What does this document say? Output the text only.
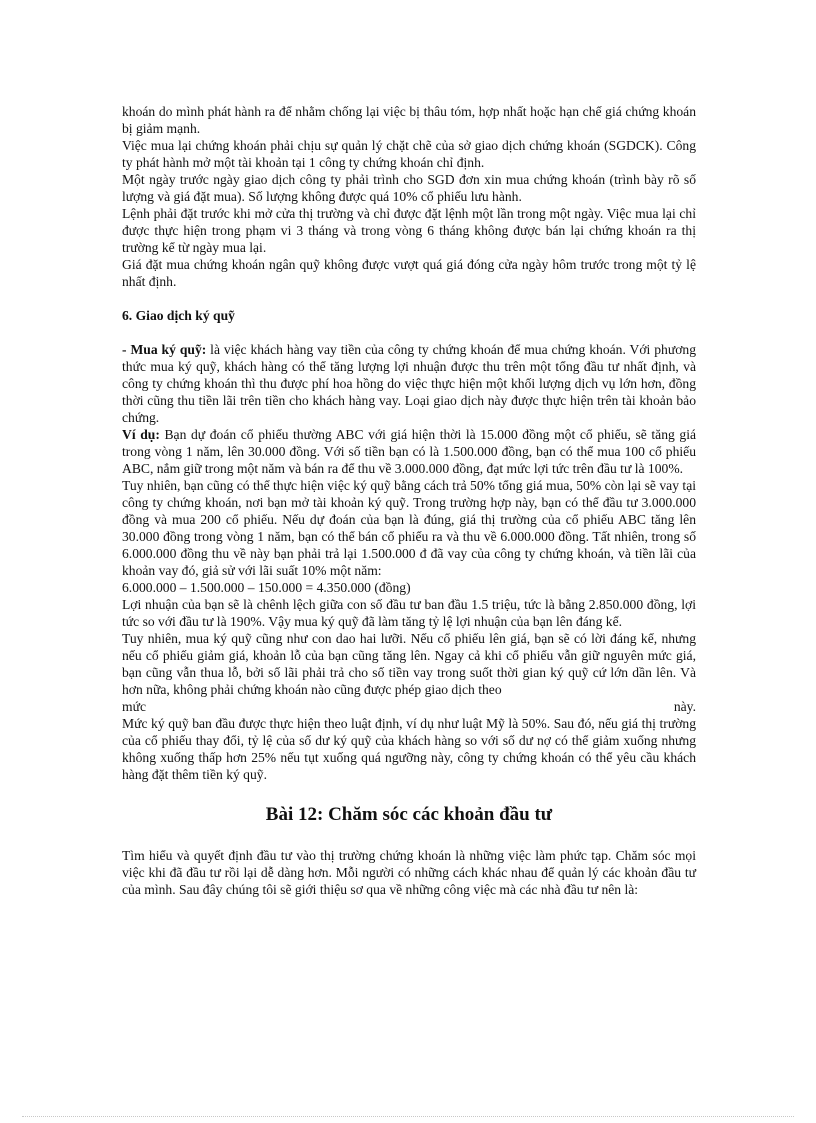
khoán do mình phát hành ra để nhằm chống lại việc bị thâu tóm, hợp nhất hoặc hạn chế giá chứng khoán bị giảm mạnh.

Việc mua lại chứng khoán phải chịu sự quản lý chặt chẽ của sở giao dịch chứng khoán (SGDCK). Công ty phát hành mở một tài khoản tại 1 công ty chứng khoán chỉ định.

Một ngày trước ngày giao dịch công ty phải trình cho SGD đơn xin mua chứng khoán (trình bày rõ số lượng và giá đặt mua). Số lượng không được quá 10% cổ phiếu lưu hành.

Lệnh phải đặt trước khi mở cửa thị trường và chỉ được đặt lệnh một lần trong một ngày. Việc mua lại chỉ được thực hiện trong phạm vi 3 tháng và trong vòng 6 tháng không được bán lại chứng khoán ra thị trường kể từ ngày mua lại.

Giá đặt mua chứng khoán ngân quỹ không được vượt quá giá đóng cửa ngày hôm trước trong một tỷ lệ nhất định.

6. Giao dịch ký quỹ

- Mua ký quỹ: là việc khách hàng vay tiền của công ty chứng khoán để mua chứng khoán. Với phương thức mua ký quỹ, khách hàng có thể tăng lượng lợi nhuận được thu trên một tổng đầu tư nhất định, và công ty chứng khoán thì thu được phí hoa hồng do việc thực hiện một khối lượng dịch vụ lớn hơn, đồng thời cũng thu tiền lãi trên tiền cho khách hàng vay. Loại giao dịch này được thực hiện trên tài khoản bảo chứng.

Ví dụ: Bạn dự đoán cổ phiếu thường ABC với giá hiện thời là 15.000 đồng một cổ phiếu, sẽ tăng giá trong vòng 1 năm, lên 30.000 đồng. Với số tiền bạn có là 1.500.000 đồng, bạn có thể mua 100 cổ phiếu ABC, nắm giữ trong một năm và bán ra để thu về 3.000.000 đồng, đạt mức lợi tức trên đầu tư là 100%.

Tuy nhiên, bạn cũng có thể thực hiện việc ký quỹ bằng cách trả 50% tổng giá mua, 50% còn lại sẽ vay tại công ty chứng khoán, nơi bạn mở tài khoản ký quỹ. Trong trường hợp này, bạn có thể đầu tư 3.000.000 đồng và mua 200 cổ phiếu. Nếu dự đoán của bạn là đúng, giá thị trường của cổ phiếu ABC tăng lên 30.000 đồng trong vòng 1 năm, bạn có thể bán cổ phiếu ra và thu về 6.000.000 đồng. Tất nhiên, trong số 6.000.000 đồng thu về này bạn phải trả lại 1.500.000 đ đã vay của công ty chứng khoán, và tiền lãi của khoản vay đó, giả sử với lãi suất 10% một năm:

6.000.000 – 1.500.000 – 150.000 = 4.350.000 (đồng)

Lợi nhuận của bạn sẽ là chênh lệch giữa con số đầu tư ban đầu 1.5 triệu, tức là bằng 2.850.000 đồng, lợi tức so với đầu tư là 190%. Vậy mua ký quỹ đã làm tăng tỷ lệ lợi nhuận của bạn lên đáng kể.

Tuy nhiên, mua ký quỹ cũng như con dao hai lưỡi. Nếu cổ phiếu lên giá, bạn sẽ có lời đáng kể, nhưng nếu cổ phiếu giảm giá, khoản lỗ của bạn cũng tăng lên. Ngay cả khi cổ phiếu vẫn giữ nguyên mức giá, bạn cũng vẫn thua lỗ, bởi số lãi phải trả cho số tiền vay trong suốt thời gian ký quỹ cứ lớn dần lên. Và hơn nữa, không phải chứng khoán nào cũng được phép giao dịch theo

mức	này.

Mức ký quỹ ban đầu được thực hiện theo luật định, ví dụ như luật Mỹ là 50%. Sau đó, nếu giá thị trường của cổ phiếu thay đổi, tỷ lệ của số dư ký quỹ của khách hàng so với số dư nợ có thể giảm xuống nhưng không xuống thấp hơn 25% nếu tụt xuống quá ngưỡng này, công ty chứng khoán có thể yêu cầu khách hàng đặt thêm tiền ký quỹ.

Bài 12: Chăm sóc các khoản đầu tư

Tìm hiểu và quyết định đầu tư vào thị trường chứng khoán là những việc làm phức tạp. Chăm sóc mọi việc khi đã đầu tư rồi lại dễ dàng hơn. Mỗi người có những cách khác nhau để quản lý các khoản đầu tư của mình. Sau đây chúng tôi sẽ giới thiệu sơ qua về những công việc mà các nhà đầu tư nên là:
